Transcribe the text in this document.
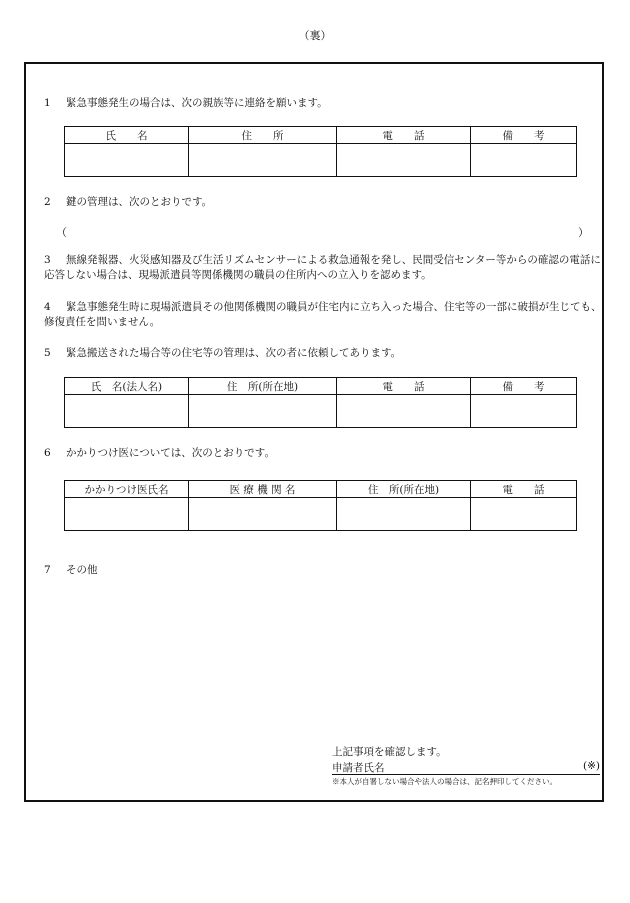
（裏）
1 緊急事態発生の場合は、次の親族等に連絡を願います。
氏　　名	住　　所	電　　話	備　　考

2 鍵の管理は、次のとおりです。
（	）
3 無線発報器、火災感知器及び生活リズムセンサーによる救急通報を発し、民間受信センター等からの確認の電話に応答しない場合は、現場派遣員等関係機関の職員の住所内への立入りを認めます。
4 緊急事態発生時に現場派遣員その他関係機関の職員が住宅内に立ち入った場合、住宅等の一部に破損が生じても、修復責任を問いません。
5 緊急搬送された場合等の住宅等の管理は、次の者に依頼してあります。
氏　名(法人名)	住　所(所在地)	電　　話	備　　考

6 かかりつけ医については、次のとおりです。
かかりつけ医氏名	医 療 機 関 名	住　所(所在地)	電　　話

7 その他
上記事項を確認します。
申請者氏名	(※)
※本人が自署しない場合や法人の場合は、記名押印してください。
